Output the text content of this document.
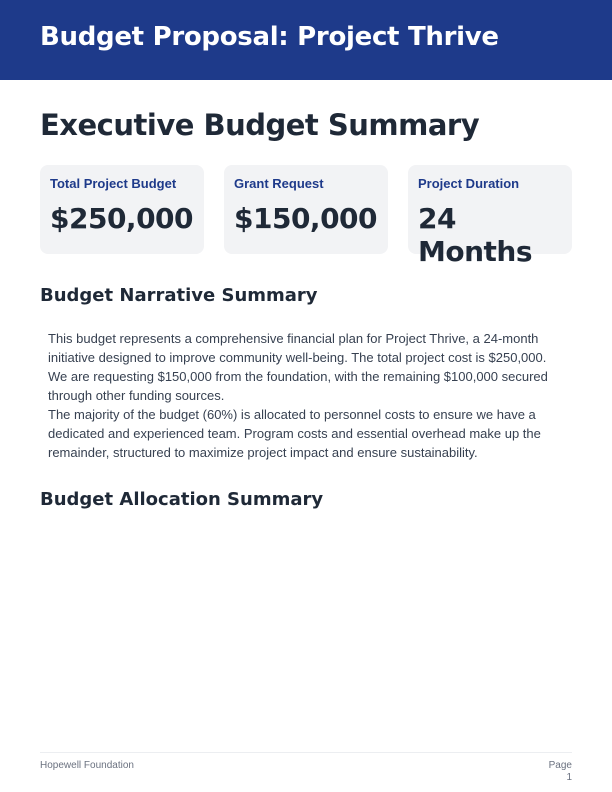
Budget Proposal: Project Thrive
Executive Budget Summary
Total Project Budget
$250,000
Grant Request
$150,000
Project Duration
24 Months
Budget Narrative Summary

This budget represents a comprehensive financial plan for Project Thrive, a 24-month initiative designed to improve community well-being. The total project cost is $250,000. We are requesting $150,000 from the foundation, with the remaining $100,000 secured through other funding sources.

The majority of the budget (60%) is allocated to personnel costs to ensure we have a dedicated and experienced team. Program costs and essential overhead make up the remainder, structured to maximize project impact and ensure sustainability.

Budget Allocation Summary
Hopewell Foundation	Page
1
